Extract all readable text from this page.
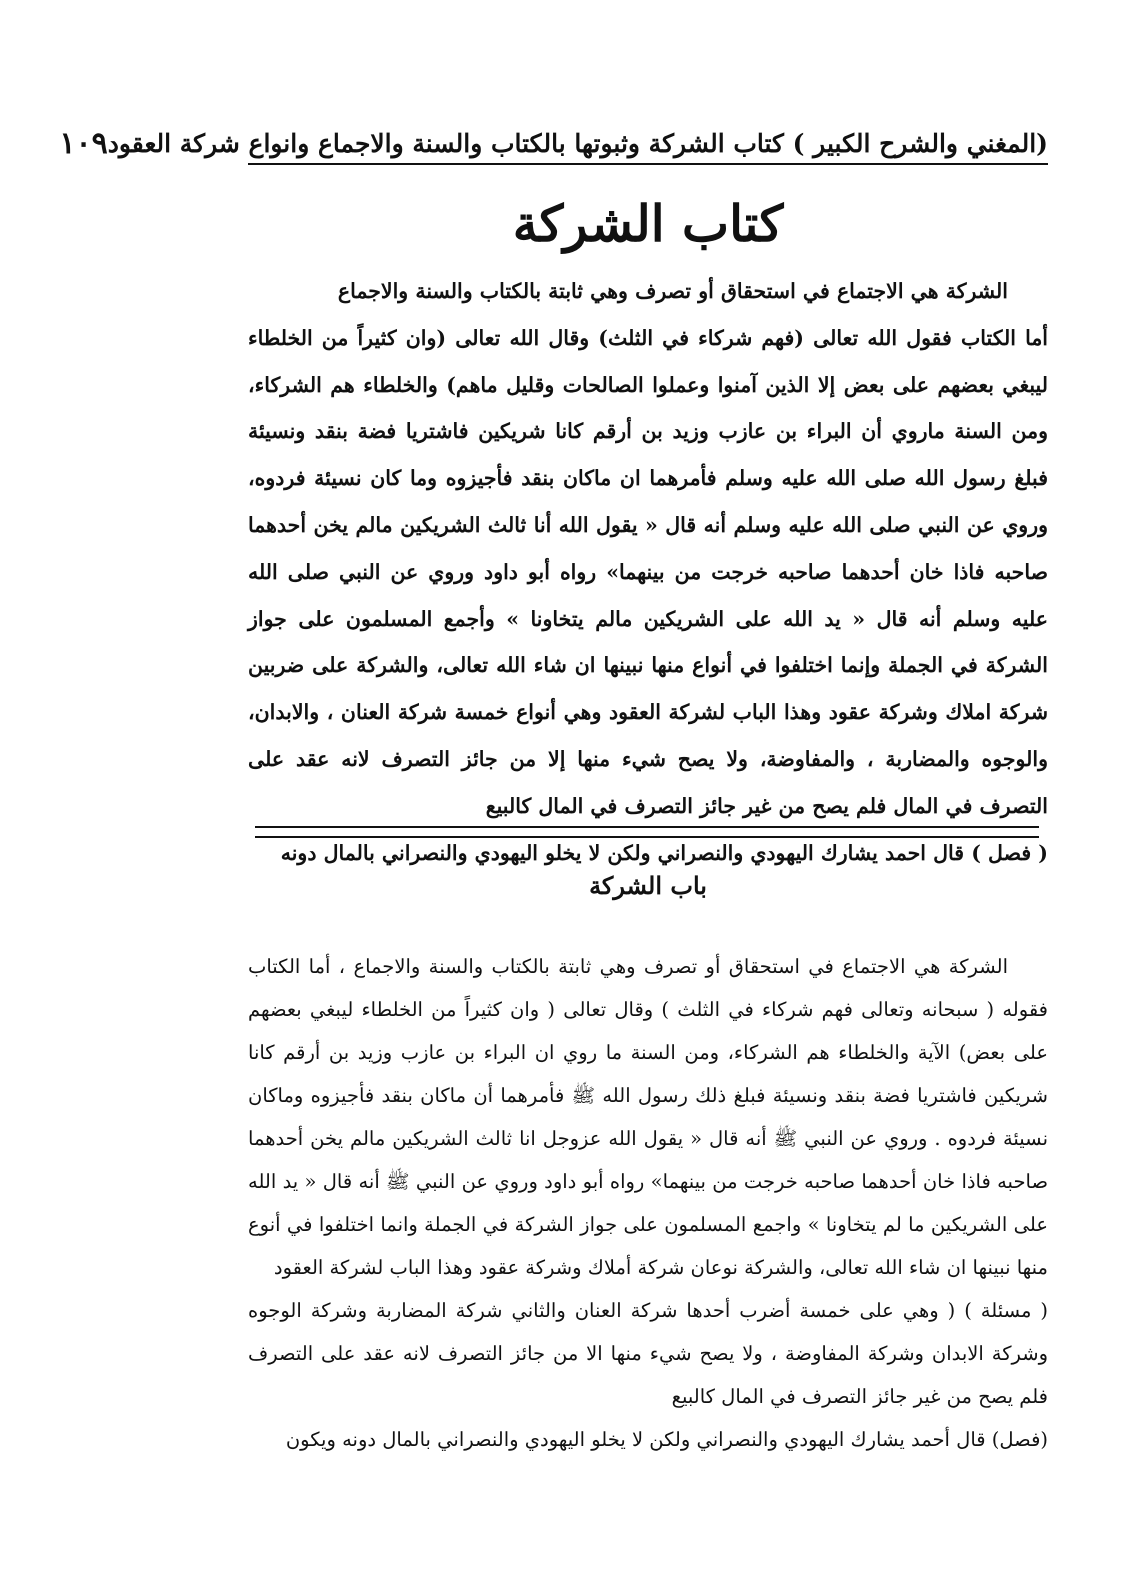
(المغني والشرح الكبير ) كتاب الشركة وثبوتها بالكتاب والسنة والاجماع وانواع شركة العقود
١٠٩
كتاب الشركة

الشركة هي الاجتماع في استحقاق أو تصرف وهي ثابتة بالكتاب والسنة والاجماع

أما الكتاب فقول الله تعالى (فهم شركاء في الثلث) وقال الله تعالى (وان كثيراً من الخلطاء ليبغي بعضهم على بعض إلا الذين آمنوا وعملوا الصالحات وقليل ماهم) والخلطاء هم الشركاء، ومن السنة ماروي أن البراء بن عازب وزيد بن أرقم كانا شريكين فاشتريا فضة بنقد ونسيئة فبلغ رسول الله صلى الله عليه وسلم فأمرهما ان ماكان بنقد فأجيزوه وما كان نسيئة فردوه، وروي عن النبي صلى الله عليه وسلم أنه قال « يقول الله أنا ثالث الشريكين مالم يخن أحدهما صاحبه فاذا خان أحدهما صاحبه خرجت من بينهما» رواه أبو داود وروي عن النبي صلى الله عليه وسلم أنه قال « يد الله على الشريكين مالم يتخاونا » وأجمع المسلمون على جواز الشركة في الجملة وإنما اختلفوا في أنواع منها نبينها ان شاء الله تعالى، والشركة على ضربين شركة املاك وشركة عقود وهذا الباب لشركة العقود وهي أنواع خمسة شركة العنان ، والابدان، والوجوه والمضاربة ، والمفاوضة، ولا يصح شيء منها إلا من جائز التصرف لانه عقد على التصرف في المال فلم يصح من غير جائز التصرف في المال كالبيع

( فصل ) قال احمد يشارك اليهودي والنصراني ولكن لا يخلو اليهودي والنصراني بالمال دونه

باب الشركة

الشركة هي الاجتماع في استحقاق أو تصرف وهي ثابتة بالكتاب والسنة والاجماع ، أما الكتاب فقوله ( سبحانه وتعالى فهم شركاء في الثلث ) وقال تعالى ( وان كثيراً من الخلطاء ليبغي بعضهم على بعض) الآية والخلطاء هم الشركاء، ومن السنة ما روي ان البراء بن عازب وزيد بن أرقم كانا شريكين فاشتريا فضة بنقد ونسيئة فبلغ ذلك رسول الله ﷺ فأمرهما أن ماكان بنقد فأجيزوه وماكان نسيئة فردوه . وروي عن النبي ﷺ أنه قال « يقول الله عزوجل انا ثالث الشريكين مالم يخن أحدهما صاحبه فاذا خان أحدهما صاحبه خرجت من بينهما» رواه أبو داود وروي عن النبي ﷺ أنه قال « يد الله على الشريكين ما لم يتخاونا » واجمع المسلمون على جواز الشركة في الجملة وانما اختلفوا في أنوع منها نبينها ان شاء الله تعالى، والشركة نوعان شركة أملاك وشركة عقود وهذا الباب لشركة العقود

( مسئلة ) ( وهي على خمسة أضرب أحدها شركة العنان والثاني شركة المضاربة وشركة الوجوه وشركة الابدان وشركة المفاوضة ، ولا يصح شيء منها الا من جائز التصرف لانه عقد على التصرف فلم يصح من غير جائز التصرف في المال كالبيع

(فصل) قال أحمد يشارك اليهودي والنصراني ولكن لا يخلو اليهودي والنصراني بالمال دونه ويكون
